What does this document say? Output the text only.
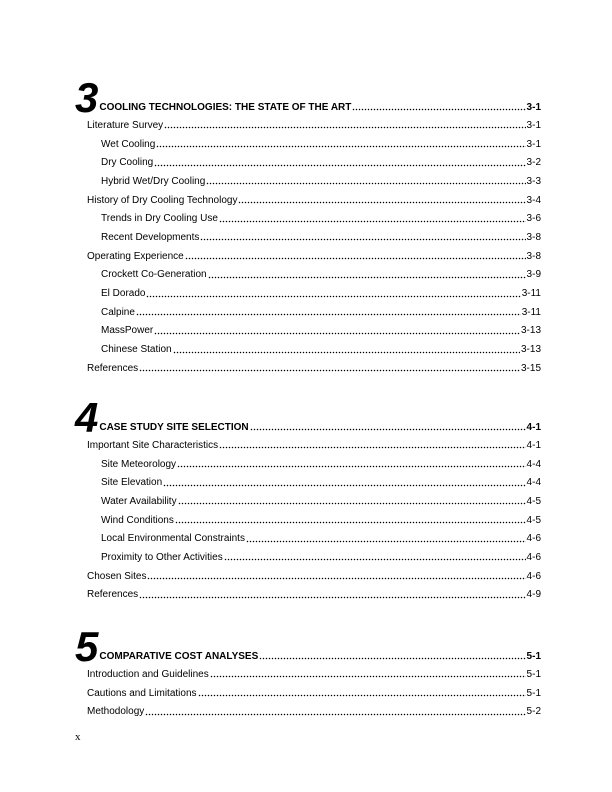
3 COOLING TECHNOLOGIES: THE STATE OF THE ART	3-1
Literature Survey	3-1
Wet Cooling	3-1
Dry Cooling	3-2
Hybrid Wet/Dry Cooling	3-3
History of Dry Cooling Technology	3-4
Trends in Dry Cooling Use	3-6
Recent Developments	3-8
Operating Experience	3-8
Crockett Co-Generation	3-9
El Dorado	3-11
Calpine	3-11
MassPower	3-13
Chinese Station	3-13
References	3-15
4 CASE STUDY SITE SELECTION	4-1
Important Site Characteristics	4-1
Site Meteorology	4-4
Site Elevation	4-4
Water Availability	4-5
Wind Conditions	4-5
Local Environmental Constraints	4-6
Proximity to Other Activities	4-6
Chosen Sites	4-6
References	4-9
5 COMPARATIVE COST ANALYSES	5-1
Introduction and Guidelines	5-1
Cautions and Limitations	5-1
Methodology	5-2
x
